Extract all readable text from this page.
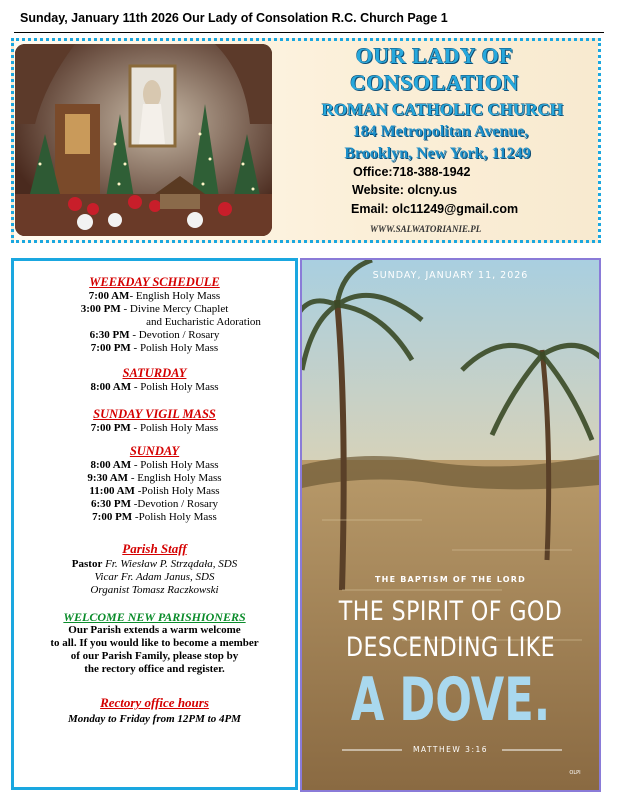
Sunday, January 11th 2026 Our Lady of Consolation R.C. Church Page 1
OUR LADY OF
CONSOLATION
ROMAN CATHOLIC CHURCH
184 Metropolitan Avenue,
Brooklyn, New York, 11249
Office:718-388-1942
Website: olcny.us
Email: olc11249@gmail.com
WWW.SALWATORIANIE.PL
WEEKDAY SCHEDULE
7:00 AM- English Holy Mass
3:00 PM - Divine Mercy Chaplet
and Eucharistic Adoration
6:30 PM - Devotion / Rosary
7:00 PM - Polish Holy Mass
SATURDAY
8:00 AM - Polish Holy Mass
SUNDAY VIGIL MASS
7:00 PM - Polish Holy Mass
SUNDAY
8:00 AM - Polish Holy Mass
9:30 AM - English Holy Mass
11:00 AM -Polish Holy Mass
6:30 PM -Devotion / Rosary
7:00 PM -Polish Holy Mass
Parish Staff
Pastor Fr. Wiesław P. Strządała, SDS
Vicar Fr. Adam Janus, SDS
Organist Tomasz Raczkowski
WELCOME NEW PARISHIONERS
Our Parish extends a warm welcome
to all. If you would like to become a member
of our Parish Family, please stop by
the rectory office and register.
Rectory office hours
Monday to Friday from 12PM to 4PM
SUNDAY, JANUARY 11, 2026
THE BAPTISM OF THE LORD
THE SPIRIT OF GOD
DESCENDING LIKE
A DOVE.
MATTHEW 3:16
OLPI
